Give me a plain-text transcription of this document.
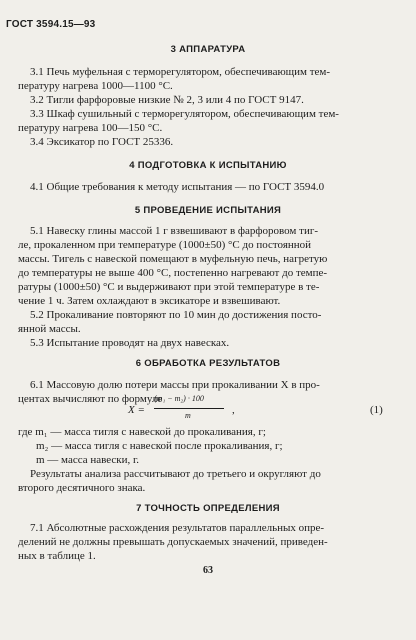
ГОСТ 3594.15—93
3 АППАРАТУРА
3.1 Печь муфельная с терморегулятором, обеспечивающим тем-
пературу нагрева 1000—1100 °C.
3.2 Тигли фарфоровые низкие № 2, 3 или 4 по ГОСТ 9147.
3.3 Шкаф сушильный с терморегулятором, обеспечивающим тем-
пературу нагрева 100—150 °C.
3.4 Эксикатор по ГОСТ 25336.
4 ПОДГОТОВКА К ИСПЫТАНИЮ
4.1 Общие требования к методу испытания — по ГОСТ 3594.0
5 ПРОВЕДЕНИЕ ИСПЫТАНИЯ
5.1 Навеску глины массой 1 г взвешивают в фарфоровом тиг-
ле, прокаленном при температуре (1000±50) °C до постоянной
массы. Тигель с навеской помещают в муфельную печь, нагретую
до температуры не выше 400 °C, постепенно нагревают до темпе-
ратуры (1000±50) °C и выдерживают при этой температуре в те-
чение 1 ч. Затем охлаждают в эксикаторе и взвешивают.
5.2 Прокаливание повторяют по 10 мин до достижения посто-
янной массы.
5.3 Испытание проводят на двух навесках.
6 ОБРАБОТКА РЕЗУЛЬТАТОВ
6.1 Массовую долю потери массы при прокаливании X в про-
центах вычисляют по формуле
X =
(m₁ − m₂) · 100
m	,	(1)
где m₁ — масса тигля с навеской до прокаливания, г;
m₂ — масса тигля с навеской после прокаливания, г;
m — масса навески, г.
Результаты анализа рассчитывают до третьего и округляют до
второго десятичного знака.
7 ТОЧНОСТЬ ОПРЕДЕЛЕНИЯ
7.1 Абсолютные расхождения результатов параллельных опре-
делений не должны превышать допускаемых значений, приведен-
ных в таблице 1.
63
